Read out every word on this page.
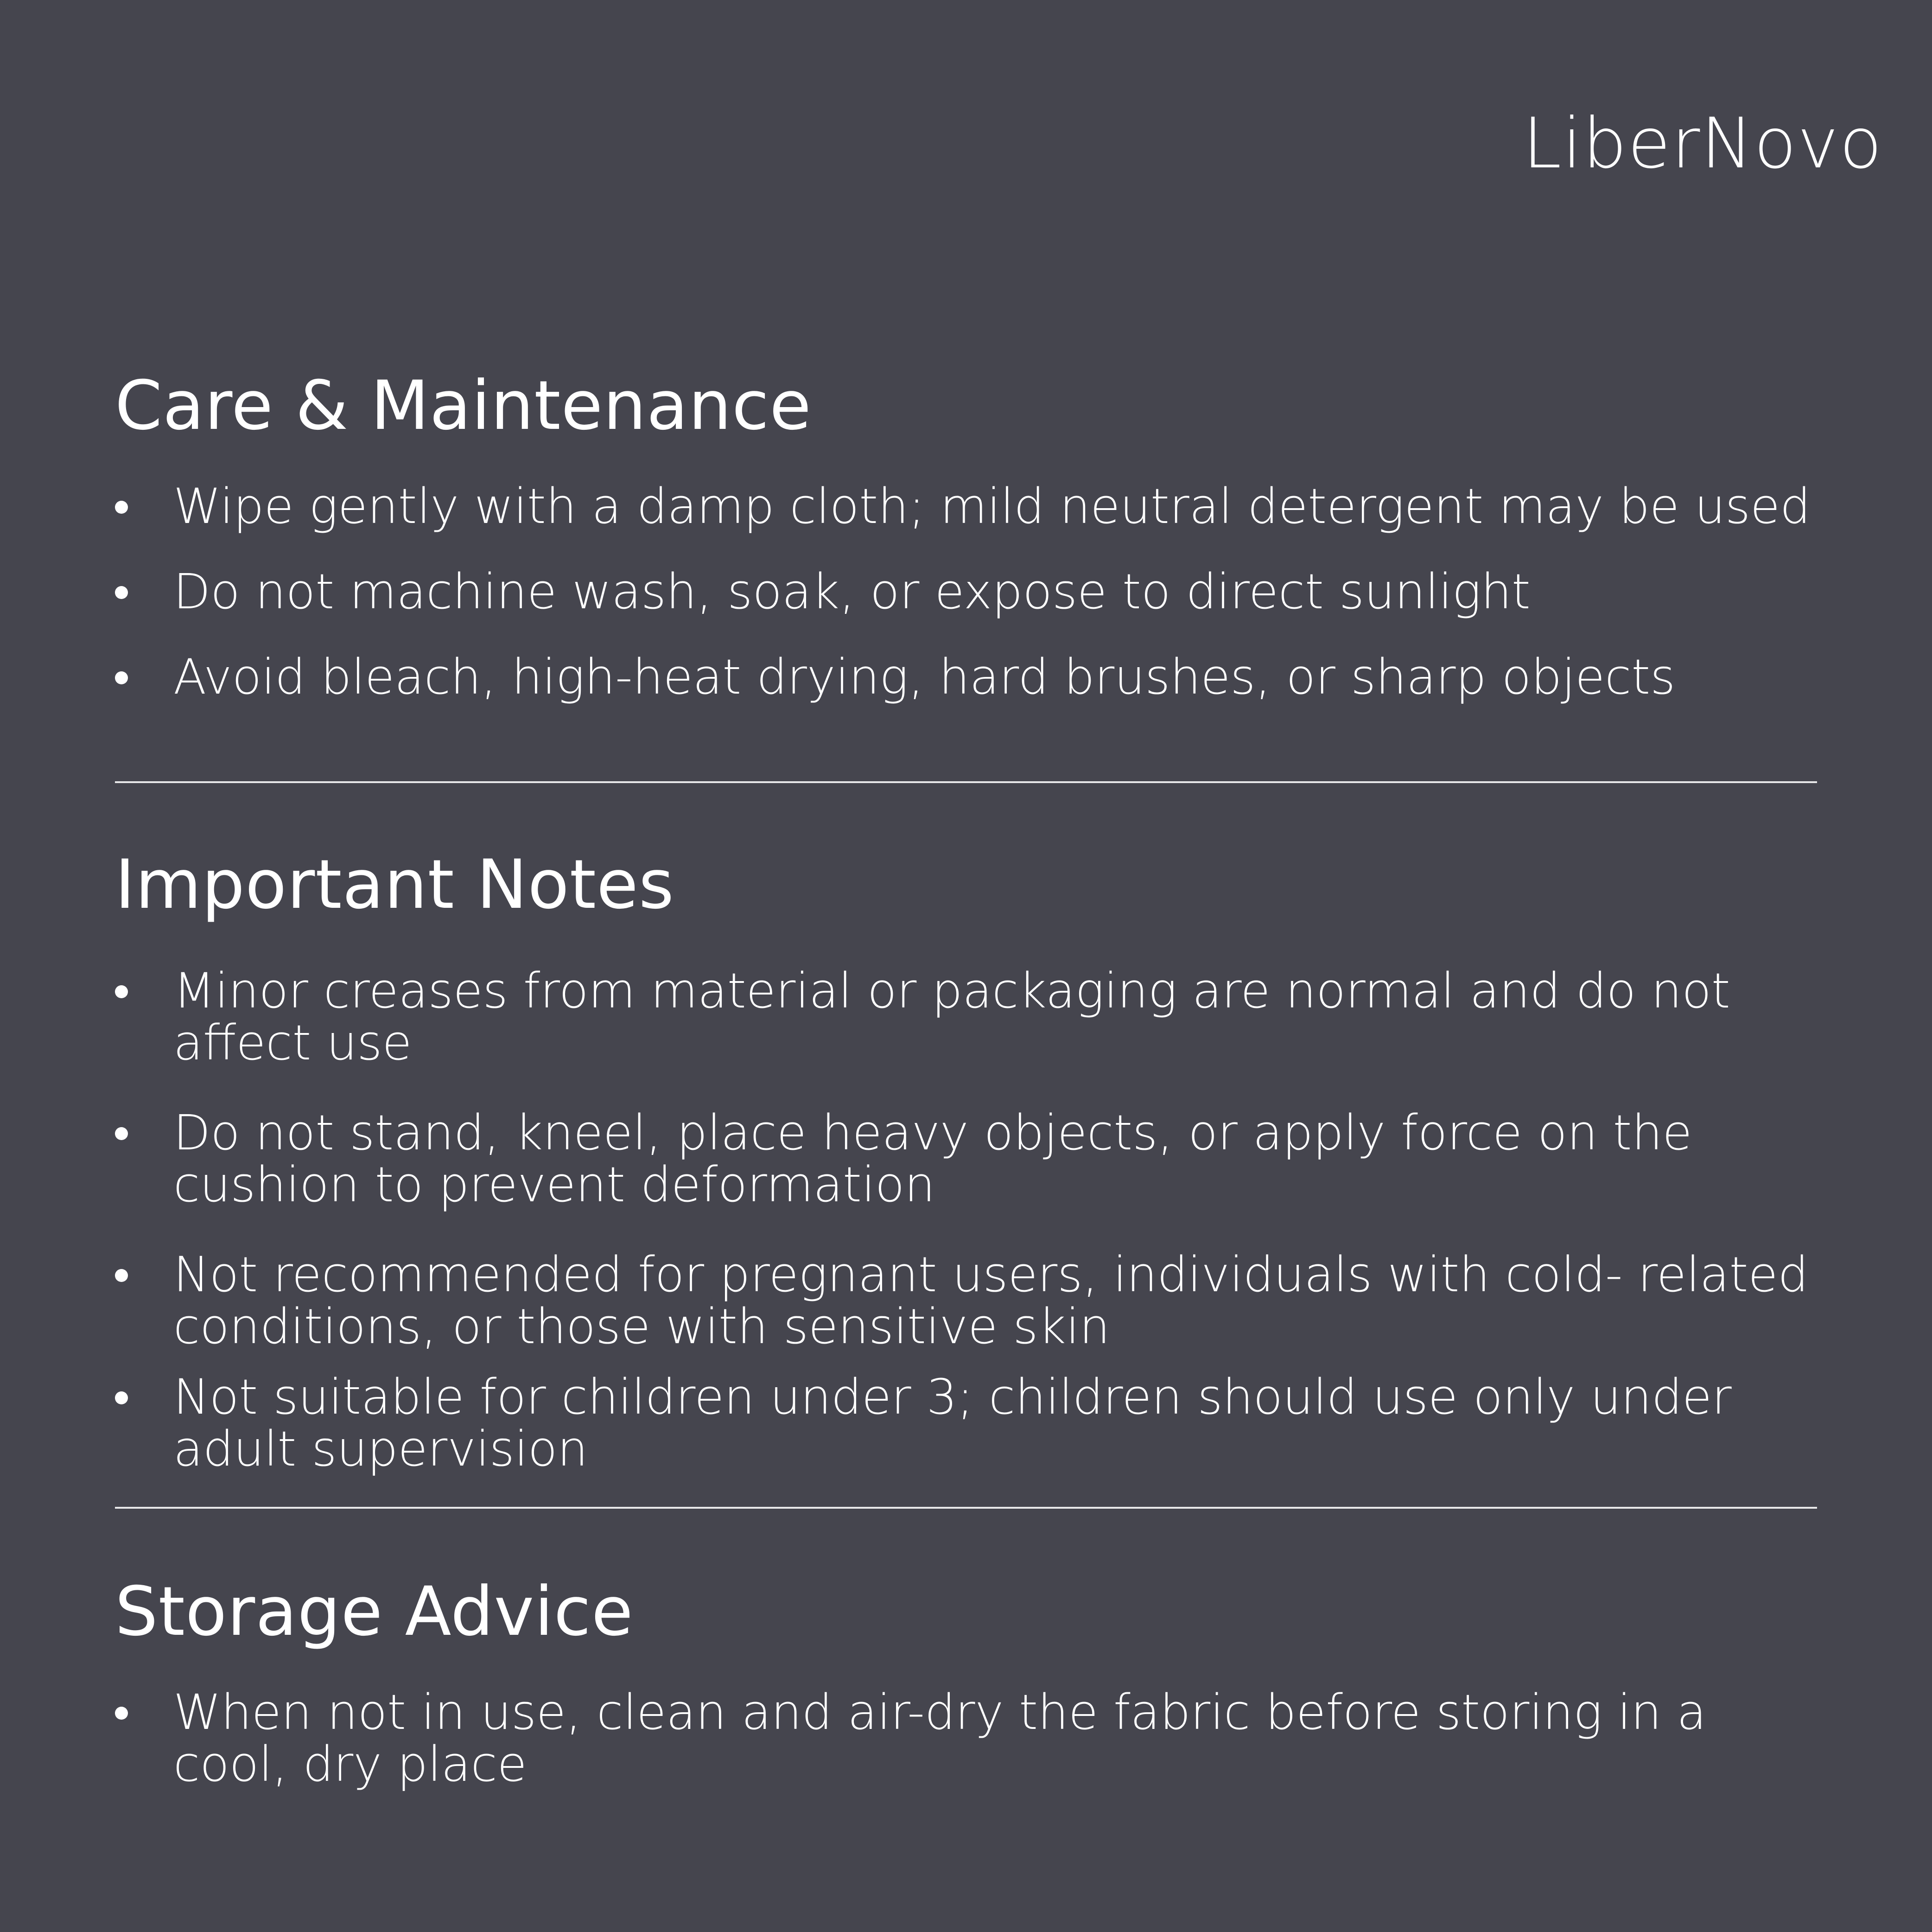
LiberNovo
Care & Maintenance
Wipe gently with a damp cloth; mild neutral detergent may be used
Do not machine wash, soak, or expose to direct sunlight
Avoid bleach, high-heat drying, hard brushes, or sharp objects
Important Notes
Minor creases from material or packaging are normal and do not affect use
Do not stand, kneel, place heavy objects, or apply force on the cushion to prevent deformation
Not recommended for pregnant users, individuals with cold- related conditions, or those with sensitive skin
Not suitable for children under 3; children should use only under adult supervision
Storage Advice
When not in use, clean and air-dry the fabric before storing in a cool, dry place
